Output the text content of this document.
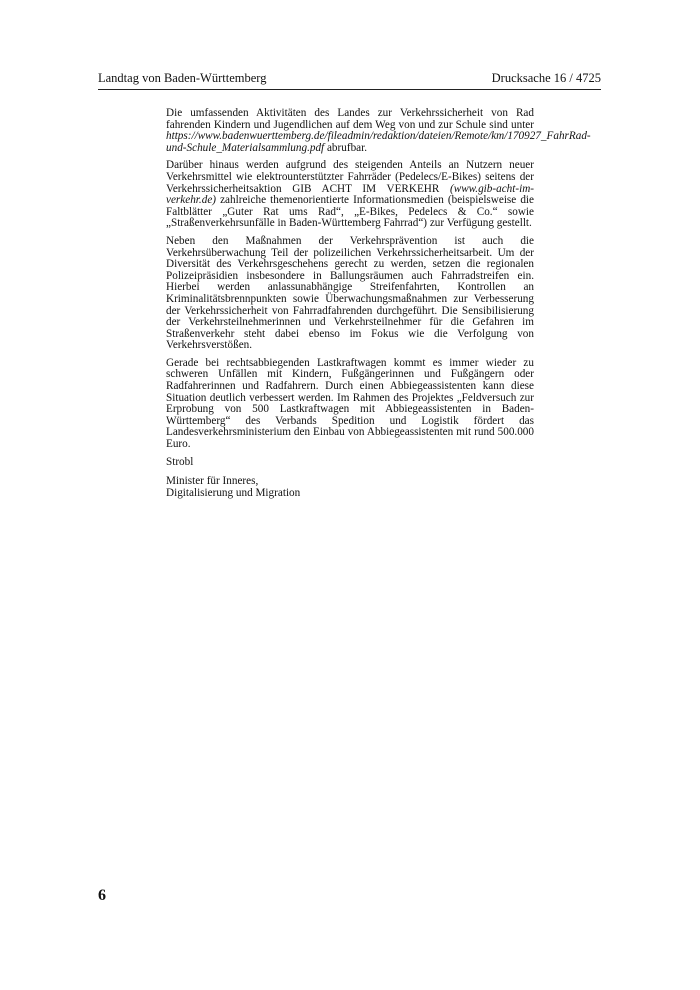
Landtag von Baden-Württemberg	Drucksache 16 / 4725

Die umfassenden Aktivitäten des Landes zur Verkehrssicherheit von Rad fahrenden Kindern und Jugendlichen auf dem Weg von und zur Schule sind unter https://www.badenwuerttemberg.de/fileadmin/redaktion/dateien/Remote/km/170927_FahrRad-und-Schule_Materialsammlung.pdf abrufbar.

Darüber hinaus werden aufgrund des steigenden Anteils an Nutzern neuer Verkehrsmittel wie elektrounterstützter Fahrräder (Pedelecs/E-Bikes) seitens der Verkehrssicherheitsaktion GIB ACHT IM VERKEHR (www.gib-acht-im-verkehr.de) zahlreiche themenorientierte Informationsmedien (beispielsweise die Faltblätter „Guter Rat ums Rad“, „E-Bikes, Pedelecs & Co.“ sowie „Straßenverkehrsunfälle in Baden-Württemberg Fahrrad“) zur Verfügung gestellt.

Neben den Maßnahmen der Verkehrsprävention ist auch die Verkehrsüberwachung Teil der polizeilichen Verkehrssicherheitsarbeit. Um der Diversität des Verkehrsgeschehens gerecht zu werden, setzen die regionalen Polizeipräsidien insbesondere in Ballungsräumen auch Fahrradstreifen ein. Hierbei werden anlassunabhängige Streifenfahrten, Kontrollen an Kriminalitätsbrennpunkten sowie Überwachungsmaßnahmen zur Verbesserung der Verkehrssicherheit von Fahrradfahrenden durchgeführt. Die Sensibilisierung der Verkehrsteilnehmerinnen und Verkehrsteilnehmer für die Gefahren im Straßenverkehr steht dabei ebenso im Fokus wie die Verfolgung von Verkehrsverstößen.

Gerade bei rechtsabbiegenden Lastkraftwagen kommt es immer wieder zu schweren Unfällen mit Kindern, Fußgängerinnen und Fußgängern oder Radfahrerinnen und Radfahrern. Durch einen Abbiegeassistenten kann diese Situation deutlich verbessert werden. Im Rahmen des Projektes „Feldversuch zur Erprobung von 500 Lastkraftwagen mit Abbiegeassistenten in Baden-Württemberg“ des Verbands Spedition und Logistik fördert das Landesverkehrsministerium den Einbau von Abbiegeassistenten mit rund 500.000 Euro.

Strobl

Minister für Inneres,
Digitalisierung und Migration

6
